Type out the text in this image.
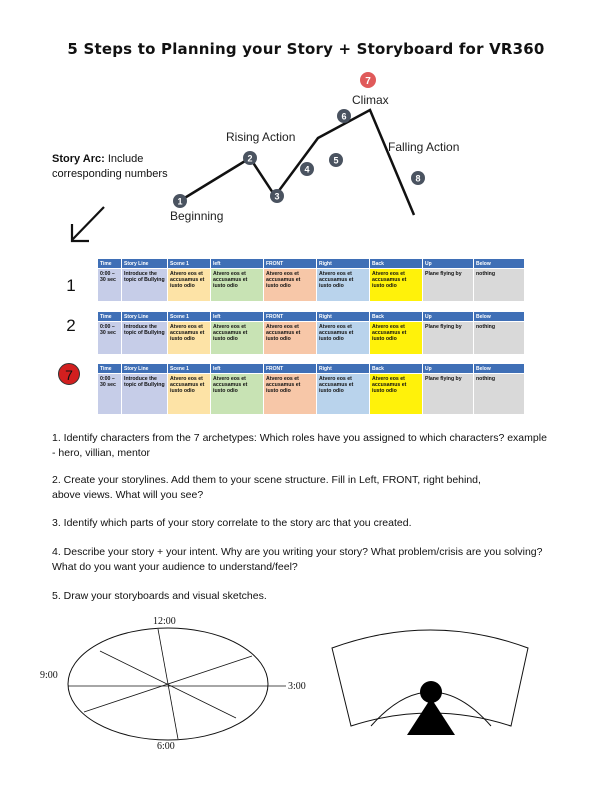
5 Steps to Planning your Story + Storyboard for VR360
1
2
3
4
5
6
7
8
Beginning
Rising Action
Climax
Falling Action
Story Arc: Include corresponding numbers
1
Time	Story Line	Scene 1	left	FRONT	Right	Back	Up	Below
0:00 – 30 sec	Introduce the topic of Bullying	Atvero eos et accusamus et iusto odio	Atvero eos et accusamus et iusto odio	Atvero eos et accusamus et iusto odio	Atvero eos et accusamus et iusto odio	Atvero eos et accusamus et iusto odio	Plane flying by	nothing
2	Time	Story Line	Scene 1	left	FRONT	Right	Back	Up	Below
0:00 – 30 sec	Introduce the topic of Bullying	Atvero eos et accusamus et iusto odio	Atvero eos et accusamus et iusto odio	Atvero eos et accusamus et iusto odio	Atvero eos et accusamus et iusto odio	Atvero eos et accusamus et iusto odio	Plane flying by	nothing
7	Time	Story Line	Scene 1	left	FRONT	Right	Back	Up	Below
0:00 – 30 sec	Introduce the topic of Bullying	Atvero eos et accusamus et iusto odio	Atvero eos et accusamus et iusto odio	Atvero eos et accusamus et iusto odio	Atvero eos et accusamus et iusto odio	Atvero eos et accusamus et iusto odio	Plane flying by	nothing
1. Identify characters from the 7 archetypes: Which roles have you assigned to which characters? example - hero, villian, mentor
2. Create your storylines. Add them to your scene structure. Fill in Left, FRONT, right behind, above views. What will you see?
3. Identify which parts of your story correlate to the story arc that you created.
4. Describe your story + your intent. Why are you writing your story? What problem/crisis are you solving? What do you want your audience to understand/feel?
5. Draw your storyboards and visual sketches.
12:00
3:00
6:00
9:00
